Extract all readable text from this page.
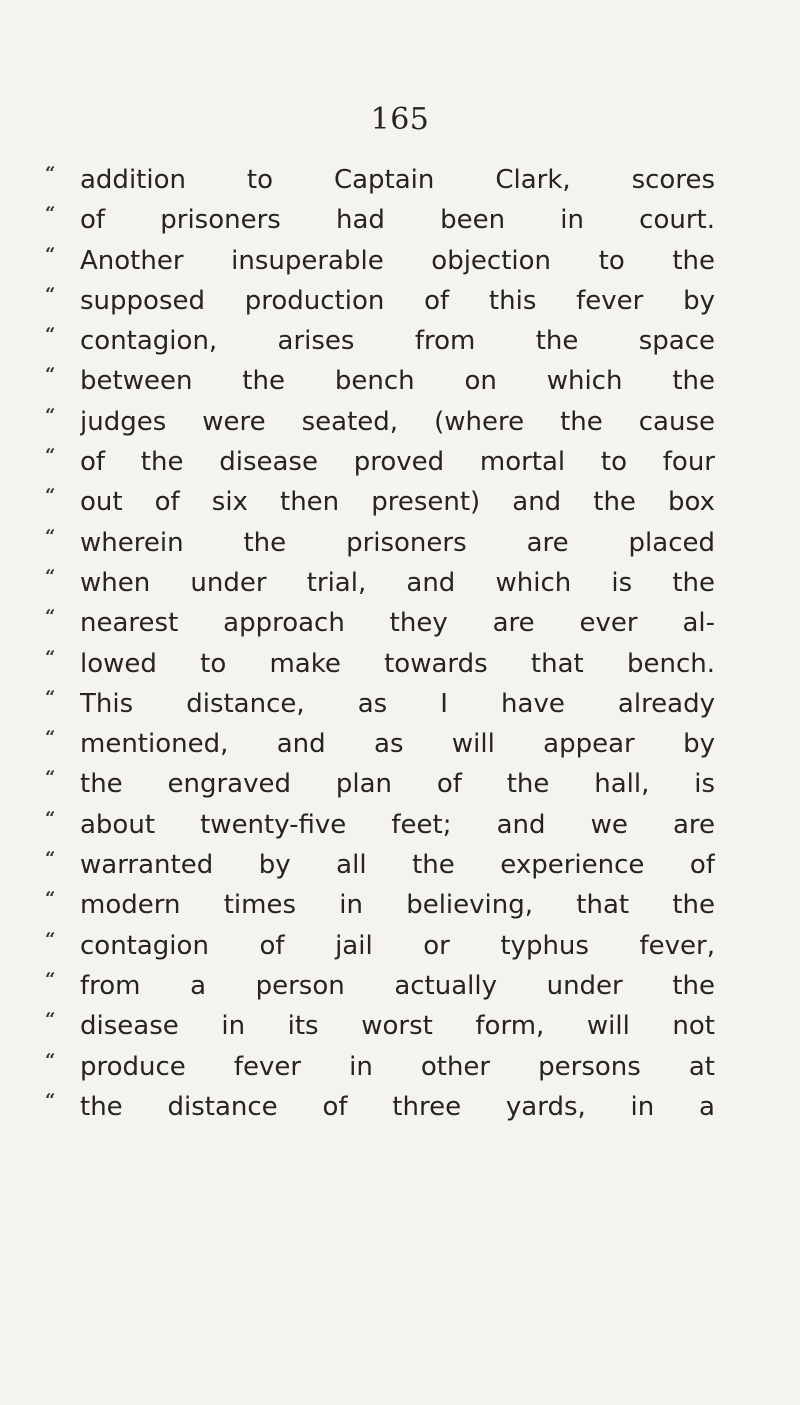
165
“ addition to Captain Clark, scores
“ of prisoners had been in court.
“ Another insuperable objection to the
“ supposed production of this fever by
“ contagion, arises from the space
“ between the bench on which the
“ judges were seated, (where the cause
“ of the disease proved mortal to four
“ out of six then present) and the box
“ wherein the prisoners are placed
“ when under trial, and which is the
“ nearest approach they are ever al-
“ lowed to make towards that bench.
“ This distance, as I have already
“ mentioned, and as will appear by
“ the engraved plan of the hall, is
“ about twenty-five feet; and we are
“ warranted by all the experience of
“ modern times in believing, that the
“ contagion of jail or typhus fever,
“ from a person actually under the
“ disease in its worst form, will not
“ produce fever in other persons at
“ the distance of three yards, in a
